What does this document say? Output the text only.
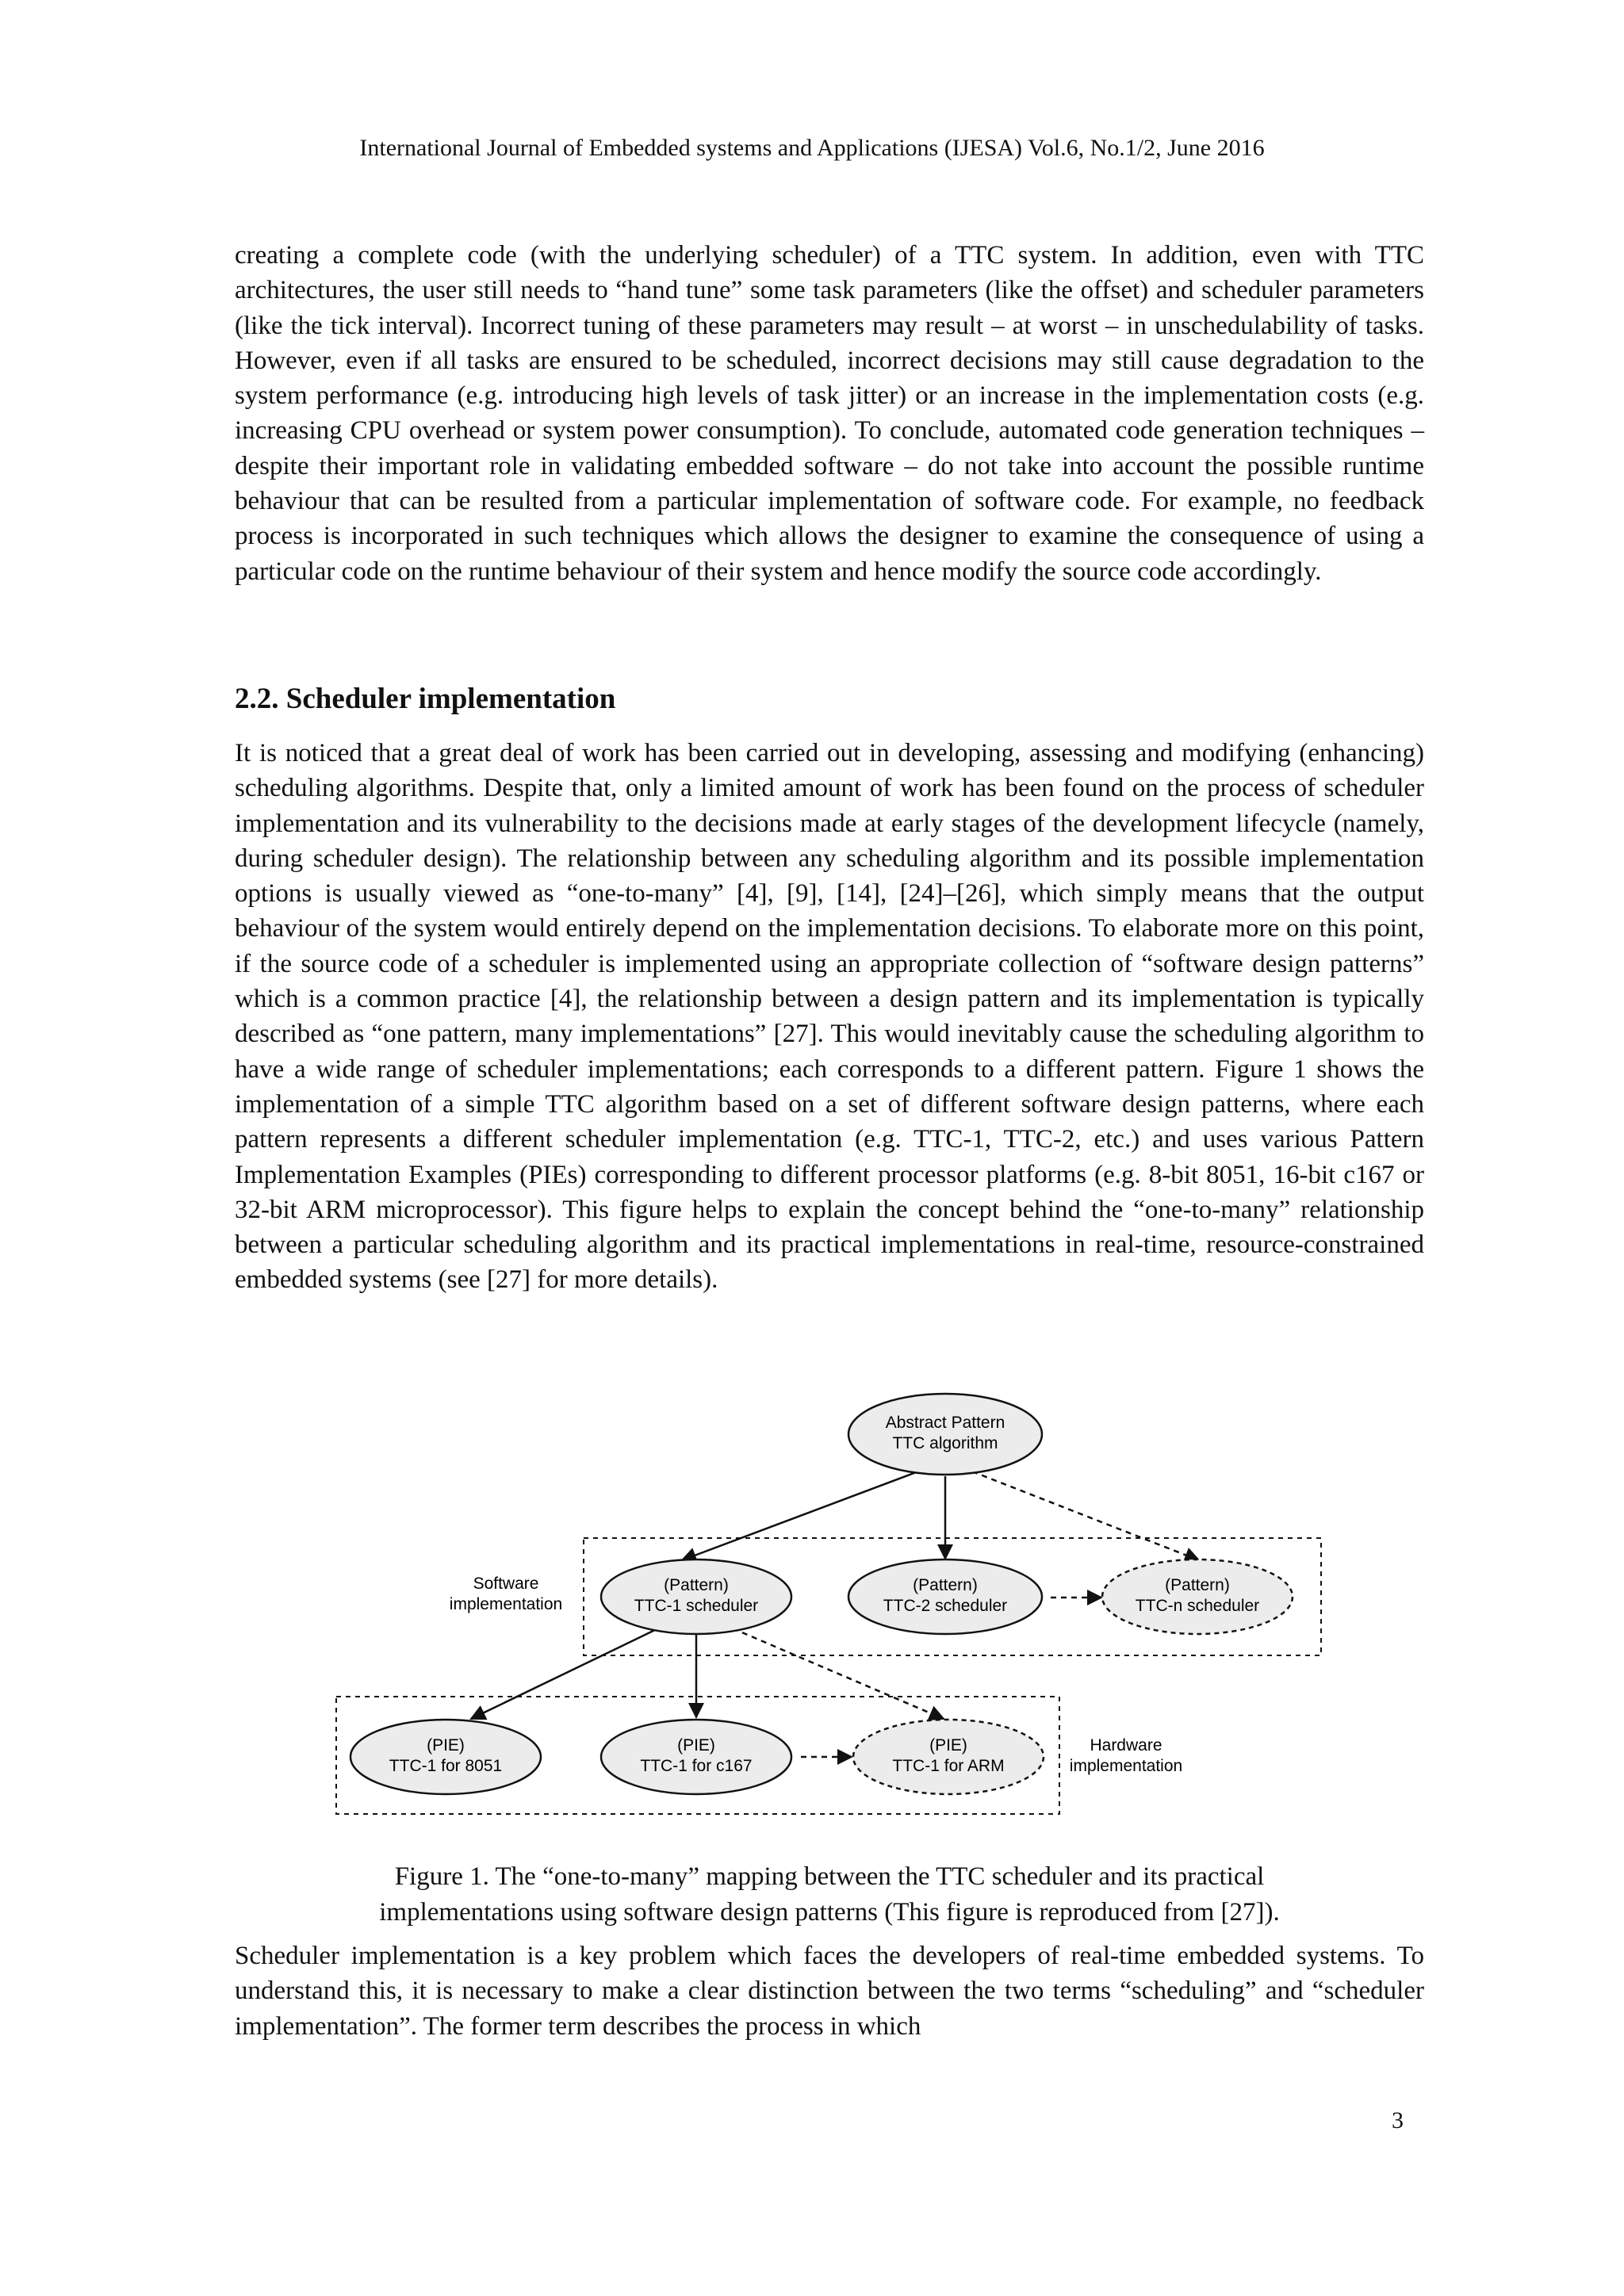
International Journal of Embedded systems and Applications (IJESA) Vol.6, No.1/2, June 2016

creating a complete code (with the underlying scheduler) of a TTC system. In addition, even with TTC architectures, the user still needs to “hand tune” some task parameters (like the offset) and scheduler parameters (like the tick interval). Incorrect tuning of these parameters may result – at worst – in unschedulability of tasks. However, even if all tasks are ensured to be scheduled, incorrect decisions may still cause degradation to the system performance (e.g. introducing high levels of task jitter) or an increase in the implementation costs (e.g. increasing CPU overhead or system power consumption). To conclude, automated code generation techniques – despite their important role in validating embedded software – do not take into account the possible runtime behaviour that can be resulted from a particular implementation of software code. For example, no feedback process is incorporated in such techniques which allows the designer to examine the consequence of using a particular code on the runtime behaviour of their system and hence modify the source code accordingly.

2.2. Scheduler implementation

It is noticed that a great deal of work has been carried out in developing, assessing and modifying (enhancing) scheduling algorithms. Despite that, only a limited amount of work has been found on the process of scheduler implementation and its vulnerability to the decisions made at early stages of the development lifecycle (namely, during scheduler design). The relationship between any scheduling algorithm and its possible implementation options is usually viewed as “one-to-many” [4], [9], [14], [24]–[26], which simply means that the output behaviour of the system would entirely depend on the implementation decisions. To elaborate more on this point, if the source code of a scheduler is implemented using an appropriate collection of “software design patterns” which is a common practice [4], the relationship between a design pattern and its implementation is typically described as “one pattern, many implementations” [27]. This would inevitably cause the scheduling algorithm to have a wide range of scheduler implementations; each corresponds to a different pattern. Figure 1 shows the implementation of a simple TTC algorithm based on a set of different software design patterns, where each pattern represents a different scheduler implementation (e.g. TTC-1, TTC-2, etc.) and uses various Pattern Implementation Examples (PIEs) corresponding to different processor platforms (e.g. 8-bit 8051, 16-bit c167 or 32-bit ARM microprocessor). This figure helps to explain the concept behind the “one-to-many” relationship between a particular scheduling algorithm and its practical implementations in real-time, resource-constrained embedded systems (see [27] for more details).

Abstract Pattern
TTC algorithm
(Pattern)
TTC-1 scheduler
(Pattern)
TTC-2 scheduler
(Pattern)
TTC-n scheduler
(PIE)
TTC-1 for 8051
(PIE)
TTC-1 for c167
(PIE)
TTC-1 for ARM
Software
implementation
Hardware
implementation
Figure 1. The “one-to-many” mapping between the TTC scheduler and its practical
implementations using software design patterns (This figure is reproduced from [27]).

Scheduler implementation is a key problem which faces the developers of real-time embedded systems. To understand this, it is necessary to make a clear distinction between the two terms “scheduling” and “scheduler implementation”. The former term describes the process in which

3
